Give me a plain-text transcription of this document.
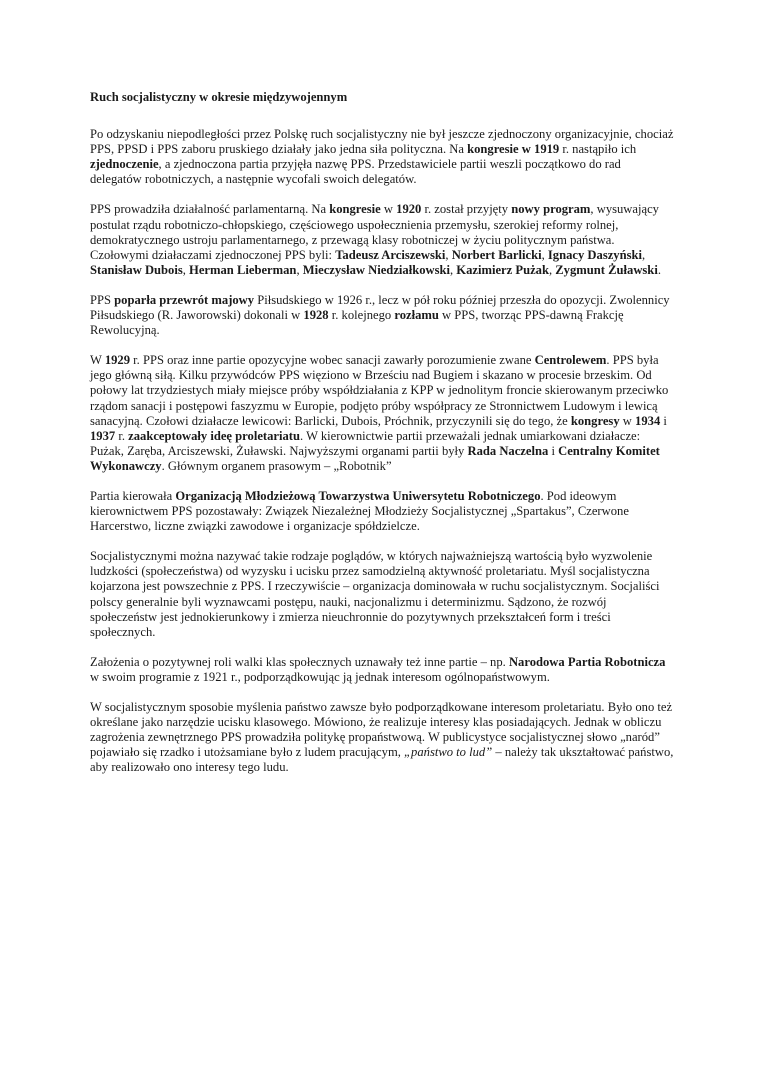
Ruch socjalistyczny w okresie międzywojennym

Po odzyskaniu niepodległości przez Polskę ruch socjalistyczny nie był jeszcze zjednoczony organizacyjnie, chociaż PPS, PPSD i PPS zaboru pruskiego działały jako jedna siła polityczna. Na kongresie w 1919 r. nastąpiło ich zjednoczenie, a zjednoczona partia przyjęła nazwę PPS. Przedstawiciele partii weszli początkowo do rad delegatów robotniczych, a następnie wycofali swoich delegatów.

PPS prowadziła działalność parlamentarną. Na kongresie w 1920 r. został przyjęty nowy program, wysuwający postulat rządu robotniczo-chłopskiego, częściowego uspołecznienia przemysłu, szerokiej reformy rolnej, demokratycznego ustroju parlamentarnego, z przewagą klasy robotniczej w życiu politycznym państwa. Czołowymi działaczami zjednoczonej PPS byli: Tadeusz Arciszewski, Norbert Barlicki, Ignacy Daszyński, Stanisław Dubois, Herman Lieberman, Mieczysław Niedziałkowski, Kazimierz Pużak, Zygmunt Żuławski.

PPS poparła przewrót majowy Piłsudskiego w 1926 r., lecz w pół roku później przeszła do opozycji. Zwolennicy Piłsudskiego (R. Jaworowski) dokonali w 1928 r. kolejnego rozłamu w PPS, tworząc PPS-dawną Frakcję Rewolucyjną.

W 1929 r. PPS oraz inne partie opozycyjne wobec sanacji zawarły porozumienie zwane Centrolewem. PPS była jego główną siłą. Kilku przywódców PPS więziono w Brześciu nad Bugiem i skazano w procesie brzeskim. Od połowy lat trzydziestych miały miejsce próby współdziałania z KPP w jednolitym froncie skierowanym przeciwko rządom sanacji i postępowi faszyzmu w Europie, podjęto próby współpracy ze Stronnictwem Ludowym i lewicą sanacyjną. Czołowi działacze lewicowi: Barlicki, Dubois, Próchnik, przyczynili się do tego, że kongresy w 1934 i 1937 r. zaakceptowały ideę proletariatu. W kierownictwie partii przeważali jednak umiarkowani działacze: Pużak, Zaręba, Arciszewski, Żuławski. Najwyższymi organami partii były Rada Naczelna i Centralny Komitet Wykonawczy. Głównym organem prasowym – „Robotnik”

Partia kierowała Organizacją Młodzieżową Towarzystwa Uniwersytetu Robotniczego. Pod ideowym kierownictwem PPS pozostawały: Związek Niezależnej Młodzieży Socjalistycznej „Spartakus”, Czerwone Harcerstwo, liczne związki zawodowe i organizacje spółdzielcze.

Socjalistycznymi można nazywać takie rodzaje poglądów, w których najważniejszą wartością było wyzwolenie ludzkości (społeczeństwa) od wyzysku i ucisku przez samodzielną aktywność proletariatu. Myśl socjalistyczna kojarzona jest powszechnie z PPS. I rzeczywiście – organizacja dominowała w ruchu socjalistycznym. Socjaliści polscy generalnie byli wyznawcami postępu, nauki, nacjonalizmu i determinizmu. Sądzono, że rozwój społeczeństw jest jednokierunkowy i zmierza nieuchronnie do pozytywnych przekształceń form i treści społecznych.

Założenia o pozytywnej roli walki klas społecznych uznawały też inne partie – np. Narodowa Partia Robotnicza w swoim programie z 1921 r., podporządkowując ją jednak interesom ogólnopaństwowym.

W socjalistycznym sposobie myślenia państwo zawsze było podporządkowane interesom proletariatu. Było ono też określane jako narzędzie ucisku klasowego. Mówiono, że realizuje interesy klas posiadających. Jednak w obliczu zagrożenia zewnętrznego PPS prowadziła politykę propaństwową. W publicystyce socjalistycznej słowo „naród” pojawiało się rzadko i utożsamiane było z ludem pracującym, „państwo to lud” – należy tak ukształtować państwo, aby realizowało ono interesy tego ludu.
